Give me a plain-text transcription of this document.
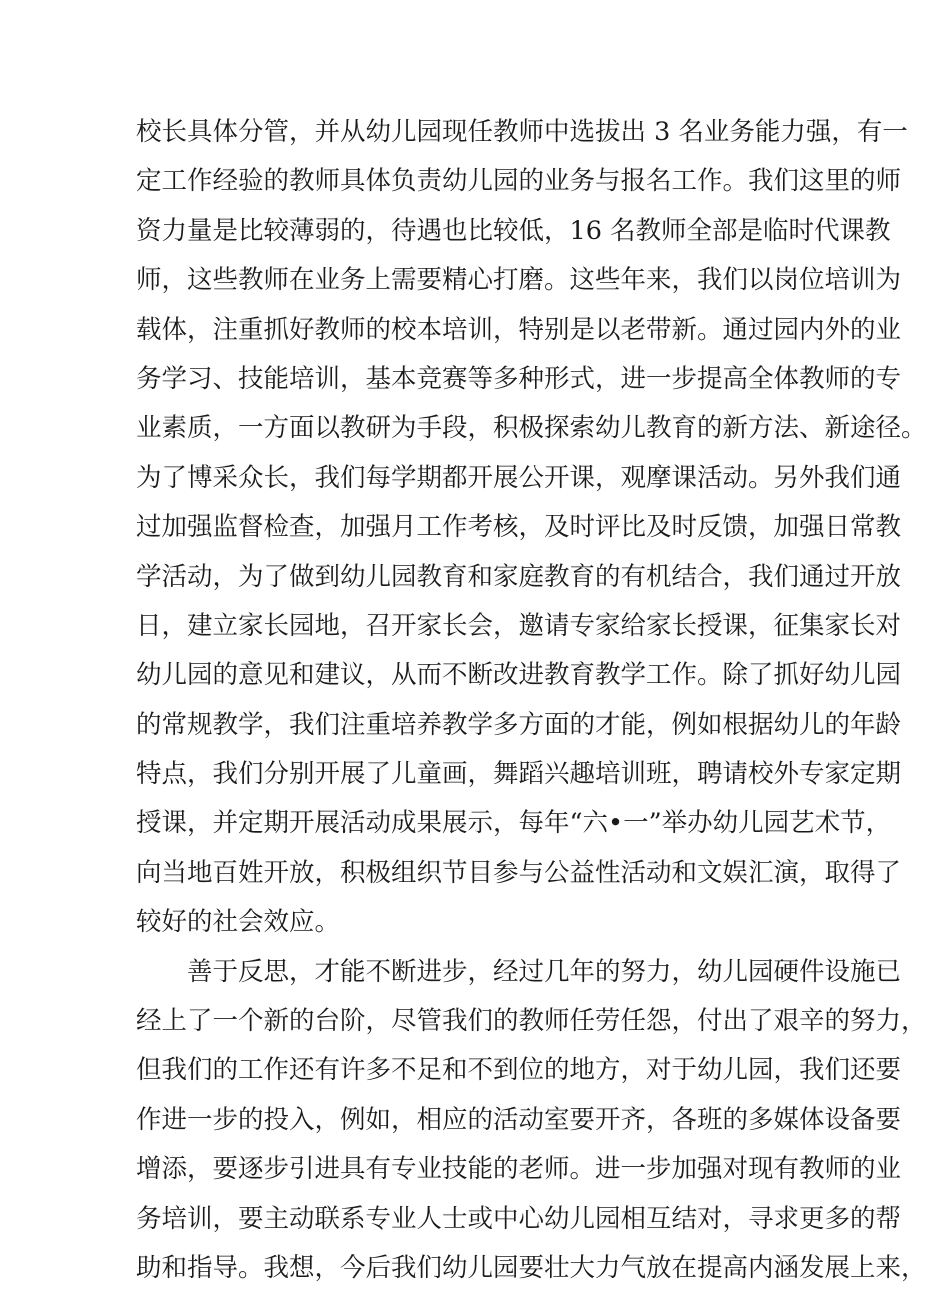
校长具体分管，并从幼儿园现任教师中选拔出 3 名业务能力强，有一
定工作经验的教师具体负责幼儿园的业务与报名工作。我们这里的师
资力量是比较薄弱的，待遇也比较低，16 名教师全部是临时代课教
师，这些教师在业务上需要精心打磨。这些年来，我们以岗位培训为
载体，注重抓好教师的校本培训，特别是以老带新。通过园内外的业
务学习、技能培训，基本竞赛等多种形式，进一步提高全体教师的专
业素质，一方面以教研为手段，积极探索幼儿教育的新方法、新途径。
为了博采众长，我们每学期都开展公开课，观摩课活动。另外我们通
过加强监督检查，加强月工作考核，及时评比及时反馈，加强日常教
学活动，为了做到幼儿园教育和家庭教育的有机结合，我们通过开放
日，建立家长园地，召开家长会，邀请专家给家长授课，征集家长对
幼儿园的意见和建议，从而不断改进教育教学工作。除了抓好幼儿园
的常规教学，我们注重培养教学多方面的才能，例如根据幼儿的年龄
特点，我们分别开展了儿童画，舞蹈兴趣培训班，聘请校外专家定期
授课，并定期开展活动成果展示，每年“六•一”举办幼儿园艺术节，
向当地百姓开放，积极组织节目参与公益性活动和文娱汇演，取得了
较好的社会效应。
　　善于反思，才能不断进步，经过几年的努力，幼儿园硬件设施已
经上了一个新的台阶，尽管我们的教师任劳任怨，付出了艰辛的努力，
但我们的工作还有许多不足和不到位的地方，对于幼儿园，我们还要
作进一步的投入，例如，相应的活动室要开齐，各班的多媒体设备要
增添，要逐步引进具有专业技能的老师。进一步加强对现有教师的业
务培训，要主动联系专业人士或中心幼儿园相互结对，寻求更多的帮
助和指导。我想，今后我们幼儿园要壮大力气放在提高内涵发展上来，
